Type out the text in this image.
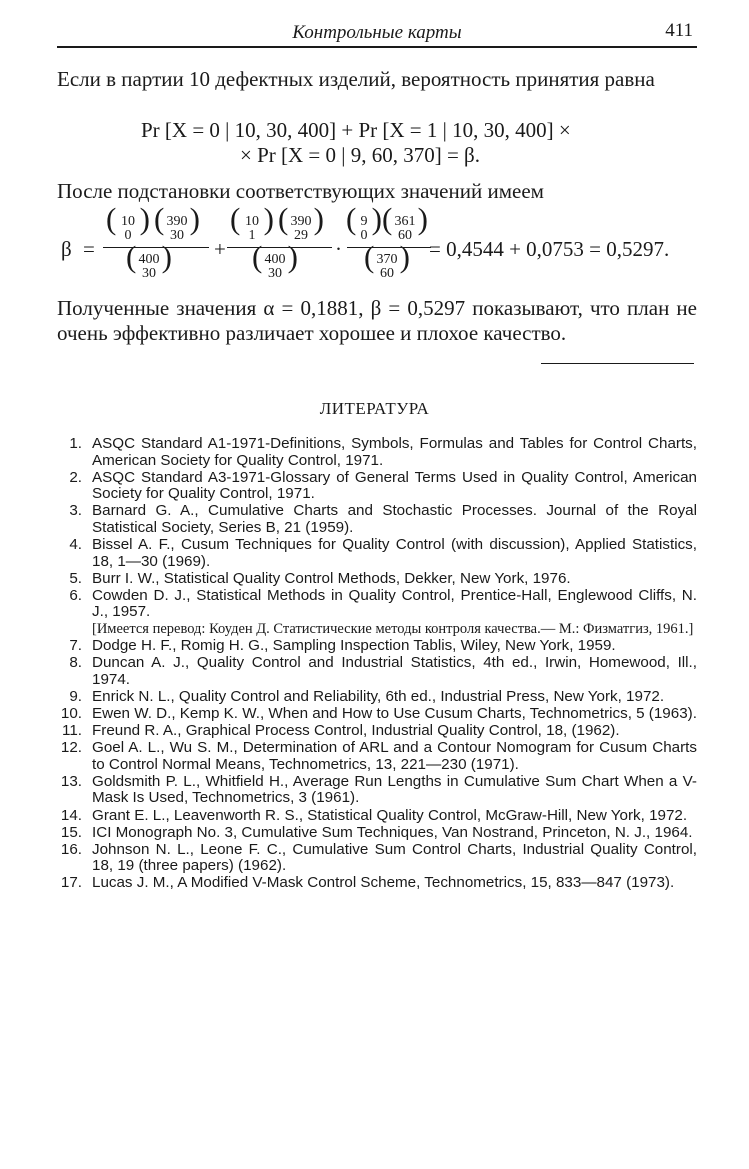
Контрольные карты	411
Если в партии 10 дефектных изделий, вероятность принятия равна
Pr [X = 0 | 10, 30, 400] + Pr [X = 1 | 10, 30, 400] ×
× Pr [X = 0 | 9, 60, 370] = β.
После подстановки соответствующих значений имеем
β =
( 10
0 ) ( 390
30 )
( 400
30 ) +
( 10
1 ) ( 390
29 )
( 400
30 ) ·
( 9
0 ) ( 361
60 )
( 370
60 ) = 0,4544 + 0,0753 = 0,5297.
Полученные значения α = 0,1881, β = 0,5297 показывают, что план не очень эффективно различает хорошее и плохое качество.
ЛИТЕРАТУРА
1. ASQC Standard A1-1971-Definitions, Symbols, Formulas and Tables for Control Charts, American Society for Quality Control, 1971.
2. ASQC Standard A3-1971-Glossary of General Terms Used in Quality Control, American Society for Quality Control, 1971.
3. Barnard G. A., Cumulative Charts and Stochastic Processes. Journal of the Royal Statistical Society, Series B, 21 (1959).
4. Bissel A. F., Cusum Techniques for Quality Control (with discussion), Applied Statistics, 18, 1—30 (1969).
5. Burr I. W., Statistical Quality Control Methods, Dekker, New York, 1976.
6. Cowden D. J., Statistical Methods in Quality Control, Prentice-Hall, Englewood Cliffs, N. J., 1957.
[Имеется перевод: Коуден Д. Статистические методы контроля качества.— М.: Физматгиз, 1961.]
7. Dodge H. F., Romig H. G., Sampling Inspection Tablis, Wiley, New York, 1959.
8. Duncan A. J., Quality Control and Industrial Statistics, 4th ed., Irwin, Homewood, Ill., 1974.
9. Enrick N. L., Quality Control and Reliability, 6th ed., Industrial Press, New York, 1972.
10. Ewen W. D., Kemp K. W., When and How to Use Cusum Charts, Technometrics, 5 (1963).
11. Freund R. A., Graphical Process Control, Industrial Quality Control, 18, (1962).
12. Goel A. L., Wu S. M., Determination of ARL and a Contour Nomogram for Cusum Charts to Control Normal Means, Technometrics, 13, 221—230 (1971).
13. Goldsmith P. L., Whitfield H., Average Run Lengths in Cumulative Sum Chart When a V-Mask Is Used, Technometrics, 3 (1961).
14. Grant E. L., Leavenworth R. S., Statistical Quality Control, McGraw-Hill, New York, 1972.
15. ICI Monograph No. 3, Cumulative Sum Techniques, Van Nostrand, Princeton, N. J., 1964.
16. Johnson N. L., Leone F. C., Cumulative Sum Control Charts, Industrial Quality Control, 18, 19 (three papers) (1962).
17. Lucas J. M., A Modified V-Mask Control Scheme, Technometrics, 15, 833—847 (1973).
